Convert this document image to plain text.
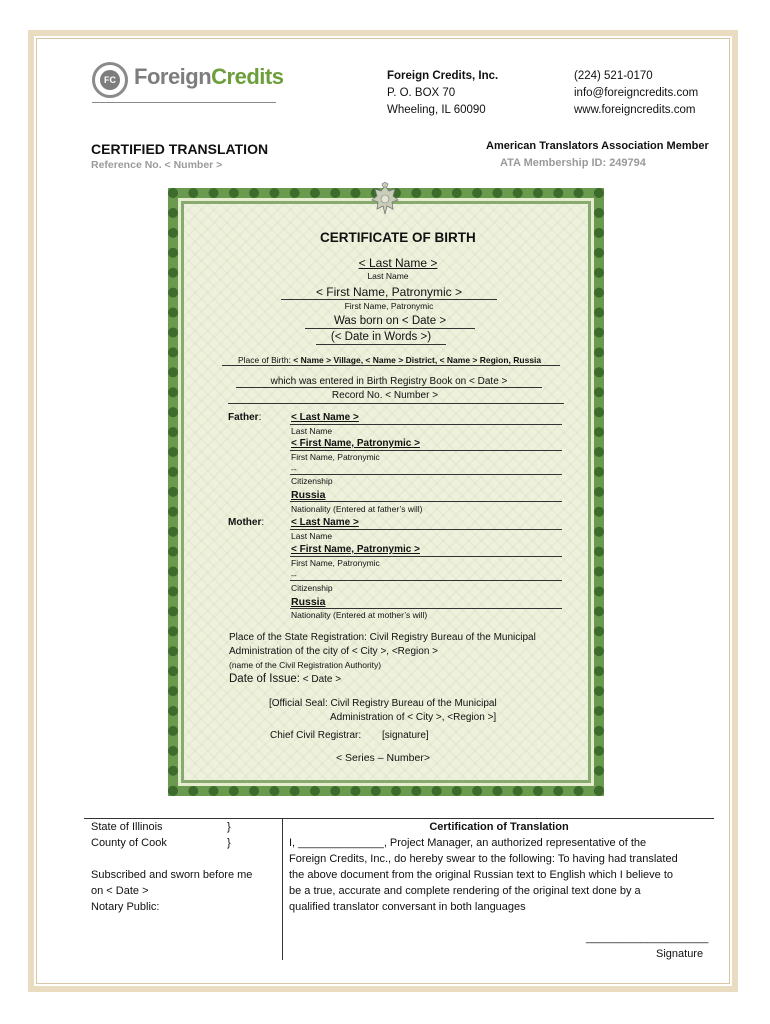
FC ForeignCredits	Foreign Credits, Inc.
P. O. BOX 70
Wheeling, IL 60090
(224) 521-0170
info@foreigncredits.com
www.foreigncredits.com
CERTIFIED TRANSLATION
Reference No. < Number >
American Translators Association Member
ATA Membership ID: 249794
CERTIFICATE OF BIRTH
< Last Name >
Last Name
< First Name, Patronymic >
First Name, Patronymic
Was born on < Date >
(< Date in Words >)
Place of Birth: < Name > Village, < Name > District, < Name > Region, Russia
which was entered in Birth Registry Book on < Date >
Record No. < Number >
Father:	< Last Name >
Last Name
< First Name, Patronymic >
First Name, Patronymic
--
Citizenship
Russia
Nationality (Entered at father’s will)
Mother:	< Last Name >
Last Name
< First Name, Patronymic >
First Name, Patronymic
--
Citizenship
Russia
Nationality (Entered at mother’s will)
Place of the State Registration: Civil Registry Bureau of the Municipal
Administration of the city of < City >, <Region >
(name of the Civil Registration Authority)
Date of Issue: < Date >
[Official Seal: Civil Registry Bureau of the Municipal
Administration of < City >, <Region >]
Chief Civil Registrar: [signature]
< Series – Number>
State of Illinois	}
County of Cook	}
Subscribed and sworn before me
on < Date >
Notary Public:
Certification of Translation
I, ______________, Project Manager, an authorized representative of the
Foreign Credits, Inc., do hereby swear to the following: To having had translated
the above document from the original Russian text to English which I believe to
be a true, accurate and complete rendering of the original text done by a
qualified translator conversant in both languages
____________________
Signature
